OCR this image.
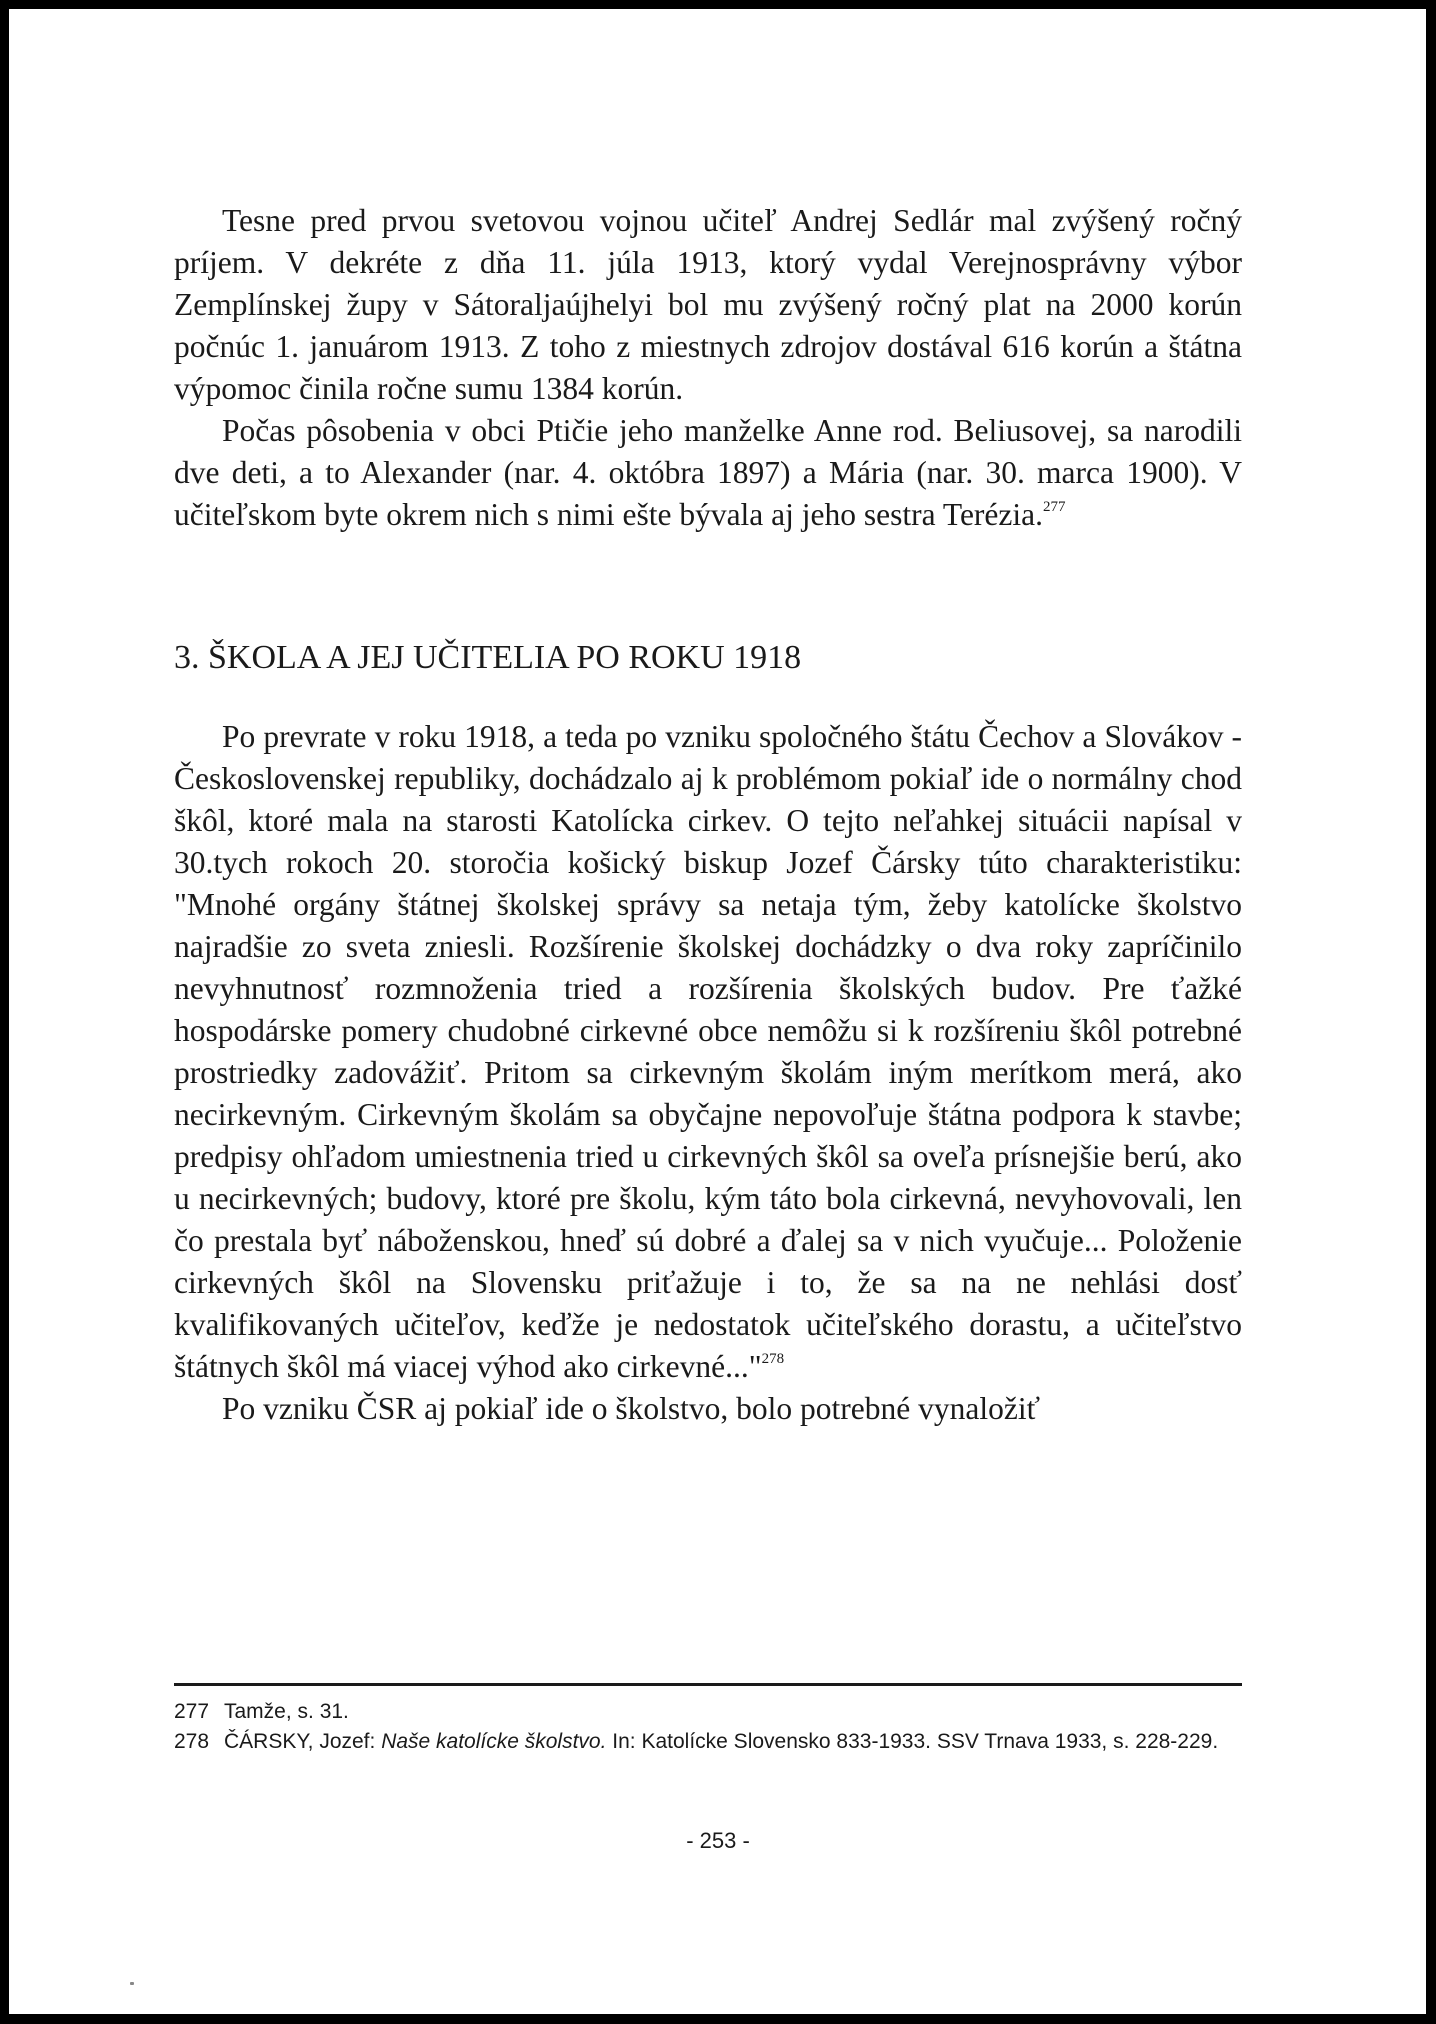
Tesne pred prvou svetovou vojnou učiteľ Andrej Sedlár mal zvýšený ročný príjem. V dekréte z dňa 11. júla 1913, ktorý vydal Verejnosprávny výbor Zemplínskej župy v Sátoraljaújhelyi bol mu zvýšený ročný plat na 2000 korún počnúc 1. januárom 1913. Z toho z miestnych zdrojov dostával 616 korún a štátna výpomoc činila ročne sumu 1384 korún.

Počas pôsobenia v obci Ptičie jeho manželke Anne rod. Beliusovej, sa narodili dve deti, a to Alexander (nar. 4. októbra 1897) a Mária (nar. 30. marca 1900). V učiteľskom byte okrem nich s nimi ešte bývala aj jeho sestra Terézia.$^{277}$

3. ŠKOLA A JEJ UČITELIA PO ROKU 1918

Po prevrate v roku 1918, a teda po vzniku spoločného štátu Čechov a Slovákov - Československej republiky, dochádzalo aj k problémom pokiaľ ide o normálny chod škôl, ktoré mala na starosti Katolícka cirkev. O tejto neľahkej situácii napísal v 30.tych rokoch 20. storočia košický biskup Jozef Čársky túto charakteristiku: "Mnohé orgány štátnej školskej správy sa netaja tým, žeby katolícke školstvo najradšie zo sveta zniesli. Rozšírenie školskej dochádzky o dva roky zapríčinilo nevyhnutnosť rozmnoženia tried a rozšírenia školských budov. Pre ťažké hospodárske pomery chudobné cirkevné obce nemôžu si k rozšíreniu škôl potrebné prostriedky zadovážiť. Pritom sa cirkevným školám iným merítkom merá, ako necirkevným. Cirkevným školám sa obyčajne nepovoľuje štátna podpora k stavbe; predpisy ohľadom umiestnenia tried u cirkevných škôl sa oveľa prísnejšie berú, ako u necirkevných; budovy, ktoré pre školu, kým táto bola cirkevná, nevyhovovali, len čo prestala byť náboženskou, hneď sú dobré a ďalej sa v nich vyučuje... Položenie cirkevných škôl na Slovensku priťažuje i to, že sa na ne nehlási dosť kvalifikovaných učiteľov, keďže je nedostatok učiteľského dorastu, a učiteľstvo štátnych škôl má viacej výhod ako cirkevné..."$^{278}$

Po vzniku ČSR aj pokiaľ ide o školstvo, bolo potrebné vynaložiť

277 Tamže, s. 31.
278 ČÁRSKY, Jozef: Naše katolícke školstvo. In: Katolícke Slovensko 833-1933. SSV Trnava 1933, s. 228-229.
- 253 -
